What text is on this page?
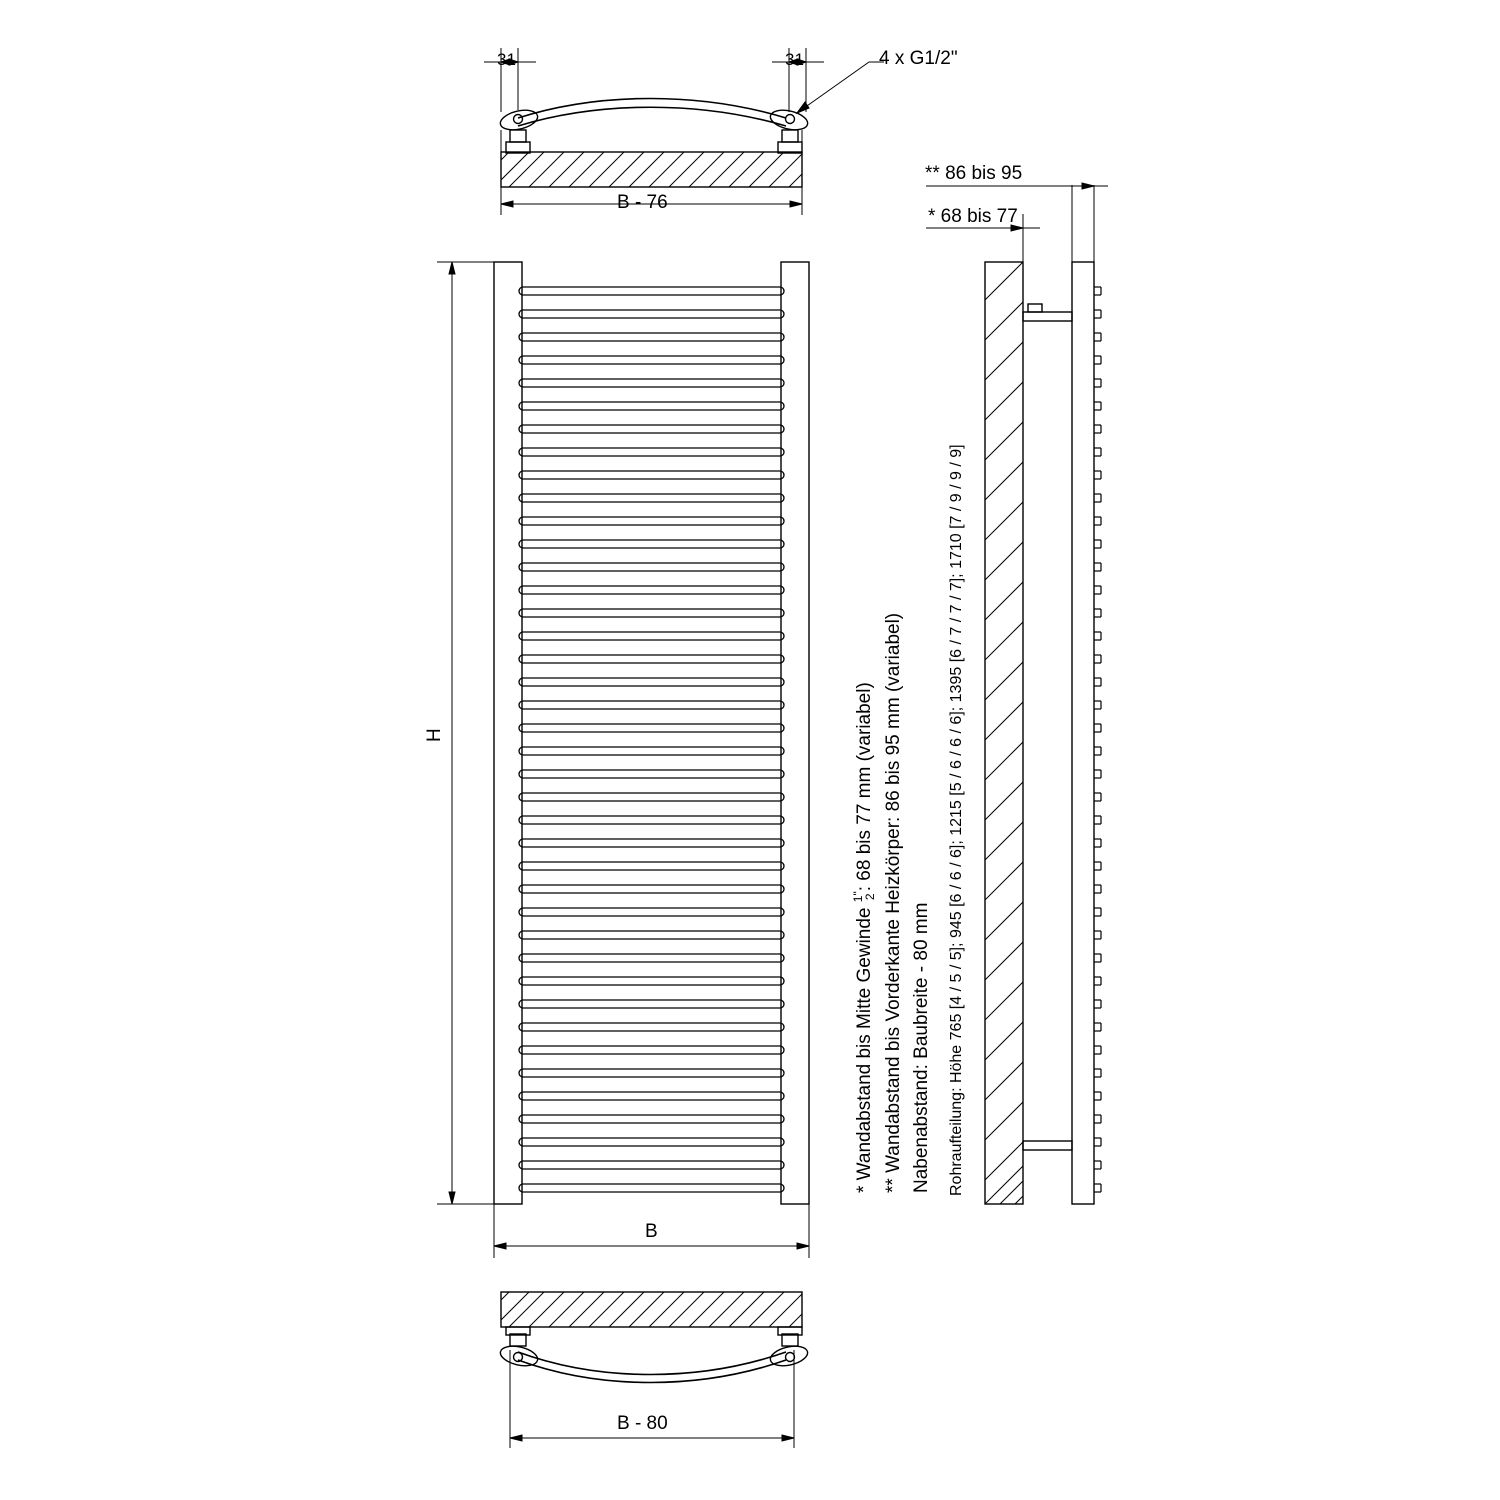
31	31	4 x G1/2"
B - 76
** 86 bis 95
* 68 bis 77
H
B
B - 80
* Wandabstand bis Mitte Gewinde
1"
2
: 68 bis 77 mm (variabel) ** Wandabstand bis Vorderkante Heizkörper: 86 bis 95 mm (variabel) Nabenabstand: Baubreite - 80 mm Rohraufteilung: Höhe 765 [4 / 5 / 5]; 945 [6 / 6 / 6]; 1215 [5 / 6 / 6 / 6]; 1395 [6 / 7 / 7 / 7]; 1710 [7 / 9 / 9 / 9]
